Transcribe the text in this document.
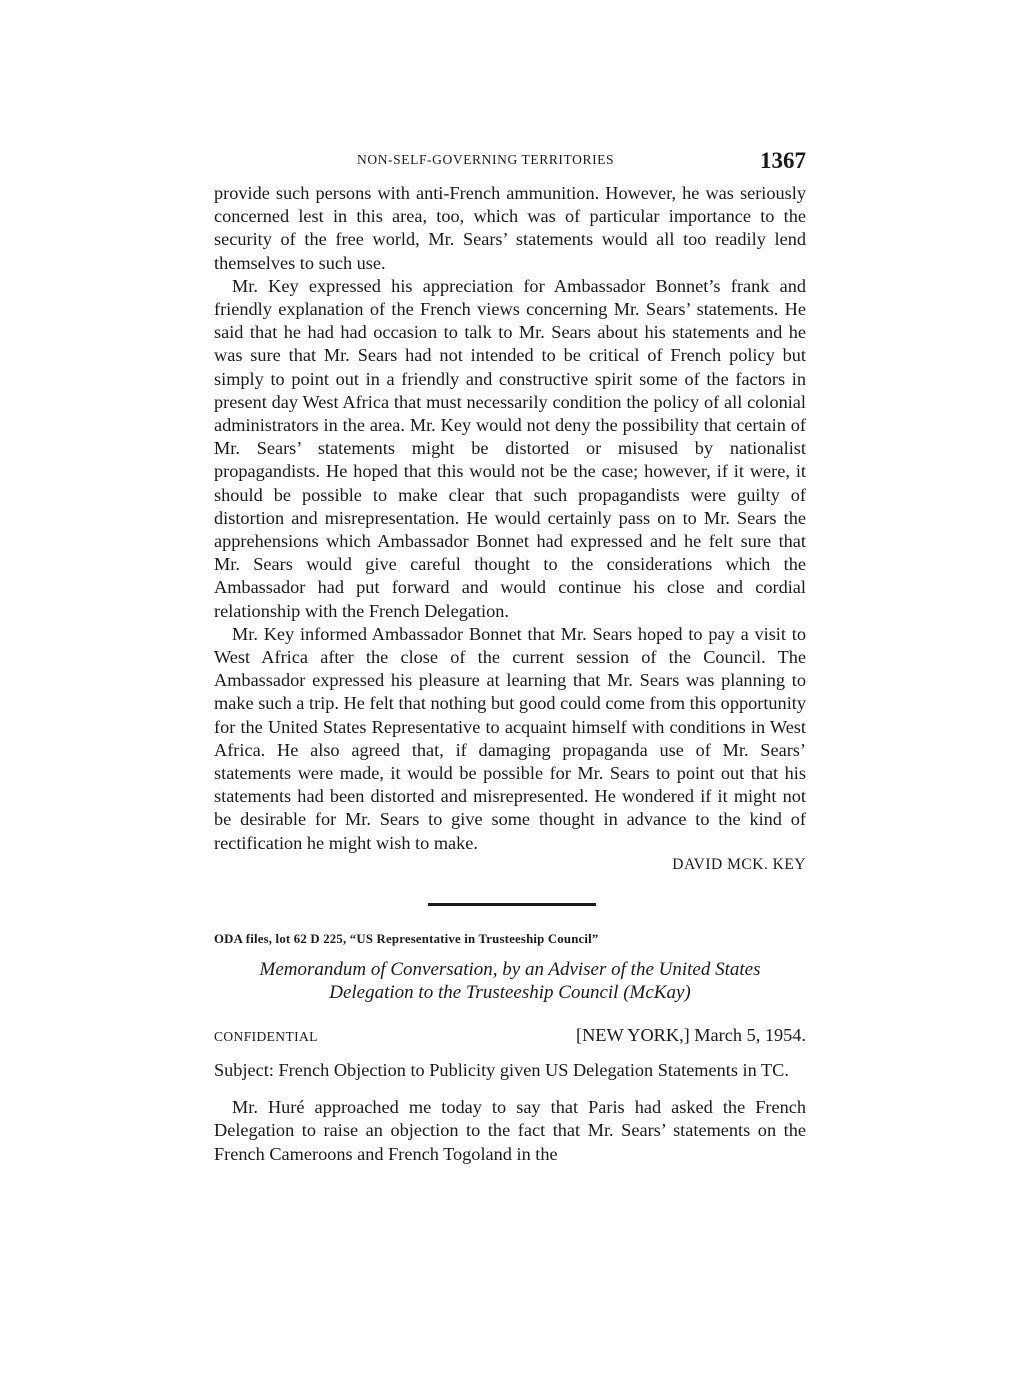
NON-SELF-GOVERNING TERRITORIES	1367

provide such persons with anti-French ammunition. However, he was seriously concerned lest in this area, too, which was of particular importance to the security of the free world, Mr. Sears’ statements would all too readily lend themselves to such use.

Mr. Key expressed his appreciation for Ambassador Bonnet’s frank and friendly explanation of the French views concerning Mr. Sears’ statements. He said that he had had occasion to talk to Mr. Sears about his statements and he was sure that Mr. Sears had not intended to be critical of French policy but simply to point out in a friendly and constructive spirit some of the factors in present day West Africa that must necessarily condition the policy of all colonial administrators in the area. Mr. Key would not deny the possibility that certain of Mr. Sears’ statements might be distorted or misused by nationalist propagandists. He hoped that this would not be the case; however, if it were, it should be possible to make clear that such propagandists were guilty of distortion and misrepresentation. He would certainly pass on to Mr. Sears the apprehensions which Ambassador Bonnet had expressed and he felt sure that Mr. Sears would give careful thought to the considerations which the Ambassador had put forward and would continue his close and cordial relationship with the French Delegation.

Mr. Key informed Ambassador Bonnet that Mr. Sears hoped to pay a visit to West Africa after the close of the current session of the Council. The Ambassador expressed his pleasure at learning that Mr. Sears was planning to make such a trip. He felt that nothing but good could come from this opportunity for the United States Representative to acquaint himself with conditions in West Africa. He also agreed that, if damaging propaganda use of Mr. Sears’ statements were made, it would be possible for Mr. Sears to point out that his statements had been distorted and misrepresented. He wondered if it might not be desirable for Mr. Sears to give some thought in advance to the kind of rectification he might wish to make.

DAVID MCK. KEY
ODA files, lot 62 D 225, “US Representative in Trusteeship Council”
Memorandum of Conversation, by an Adviser of the United States
Delegation to the Trusteeship Council (McKay)
CONFIDENTIAL	[NEW YORK,] March 5, 1954.
Subject: French Objection to Publicity given US Delegation Statements in TC.

Mr. Huré approached me today to say that Paris had asked the French Delegation to raise an objection to the fact that Mr. Sears’ statements on the French Cameroons and French Togoland in the
